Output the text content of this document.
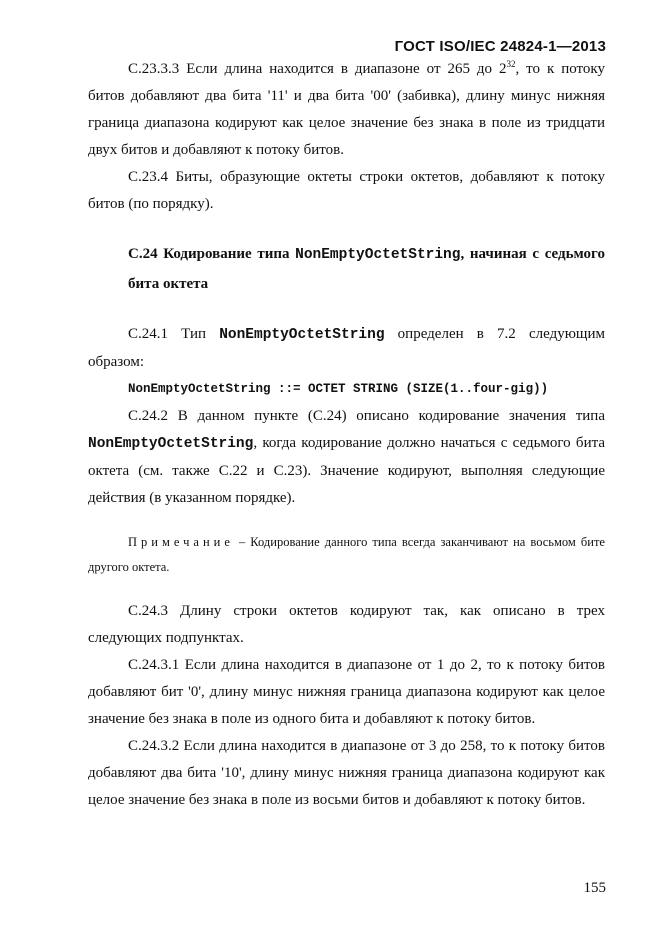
ГОСТ ISO/IEC 24824-1—2013

С.23.3.3 Если длина находится в диапазоне от 265 до $2^{32}$, то к потоку битов добавляют два бита '11' и два бита '00' (забивка), длину минус нижняя граница диапазона кодируют как целое значение без знака в поле из тридцати двух битов и добавляют к потоку битов.

С.23.4 Биты, образующие октеты строки октетов, добавляют к потоку битов (по порядку).

С.24 Кодирование типа NonEmptyOctetString, начиная с седьмого бита октета

С.24.1 Тип NonEmptyOctetString определен в 7.2 следующим образом:

NonEmptyOctetString ::= OCTET STRING (SIZE(1..four-gig))

С.24.2 В данном пункте (С.24) описано кодирование значения типа NonEmptyOctetString, когда кодирование должно начаться с седьмого бита октета (см. также С.22 и С.23). Значение кодируют, выполняя следующие действия (в указанном порядке).

Примечание – Кодирование данного типа всегда заканчивают на восьмом бите другого октета.

С.24.3 Длину строки октетов кодируют так, как описано в трех следующих подпунктах.

С.24.3.1 Если длина находится в диапазоне от 1 до 2, то к потоку битов добавляют бит '0', длину минус нижняя граница диапазона кодируют как целое значение без знака в поле из одного бита и добавляют к потоку битов.

С.24.3.2 Если длина находится в диапазоне от 3 до 258, то к потоку битов добавляют два бита '10', длину минус нижняя граница диапазона кодируют как целое значение без знака в поле из восьми битов и добавляют к потоку битов.

155
